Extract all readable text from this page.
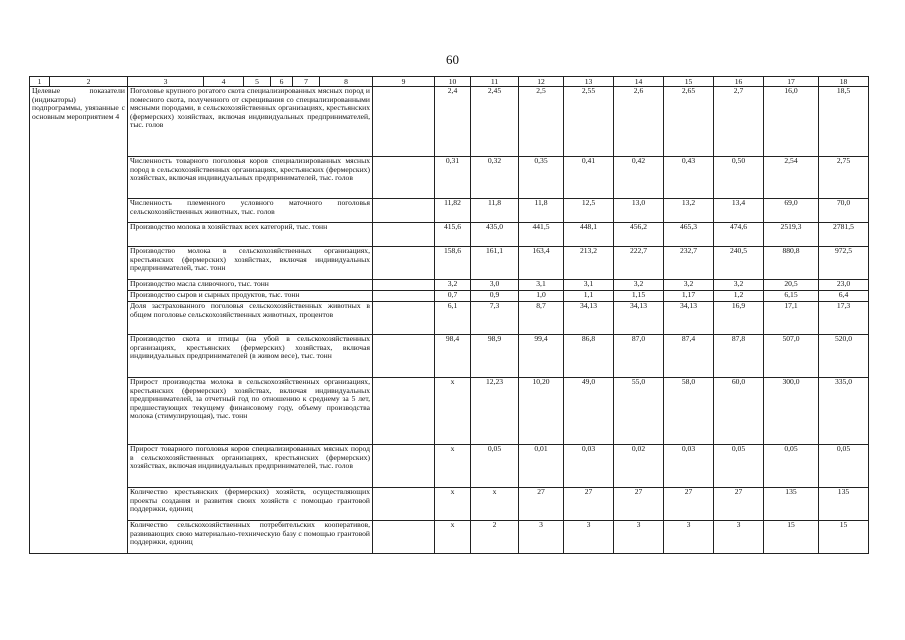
60
1	2	3	4	5	6	7	8	9	10	11	12	13	14	15	16	17	18
Целевые показатели (индикаторы) подпрограммы, увязанные с основным мероприятием 4		Поголовье крупного рогатого скота специализированных мясных пород и помесного скота, полученного от скрещивания со специализированными мясными породами, в сельскохозяйственных организациях, крестьянских (фермерских) хозяйствах, включая индивидуальных предпринимателей, тыс. голов							2,4	2,45	2,5	2,55	2,6	2,65	2,7	16,0	18,5
		Численность товарного поголовья коров специализированных мясных пород в сельскохозяйственных организациях, крестьянских (фермерских) хозяйствах, включая индивидуальных предпринимателей, тыс. голов							0,31	0,32	0,35	0,41	0,42	0,43	0,50	2,54	2,75
		Численность племенного условного маточного поголовья сельскохозяйственных животных, тыс. голов							11,82	11,8	11,8	12,5	13,0	13,2	13,4	69,0	70,0
		Производство молока в хозяйствах всех категорий, тыс. тонн							415,6	435,0	441,5	448,1	456,2	465,3	474,6	2519,3	2781,5
		Производство молока в сельскохозяйственных организациях, крестьянских (фермерских) хозяйствах, включая индивидуальных предпринимателей, тыс. тонн							158,6	161,1	163,4	213,2	222,7	232,7	240,5	880,8	972,5
		Производство масла сливочного, тыс. тонн							3,2	3,0	3,1	3,1	3,2	3,2	3,2	20,5	23,0
		Производство сыров и сырных продуктов, тыс. тонн							0,7	0,9	1,0	1,1	1,15	1,17	1,2	6,15	6,4
		Доля застрахованного поголовья сельскохозяйственных животных в общем поголовье сельскохозяйственных животных, процентов							6,1	7,3	8,7	34,13	34,13	34,13	16,9	17,1	17,3
		Производство скота и птицы (на убой в сельскохозяйственных организациях, крестьянских (фермерских) хозяйствах, включая индивидуальных предпринимателей (в живом весе), тыс. тонн							98,4	98,9	99,4	86,8	87,0	87,4	87,8	507,0	520,0
		Прирост производства молока в сельскохозяйственных организациях, крестьянских (фермерских) хозяйствах, включая индивидуальных предпринимателей, за отчетный год по отношению к среднему за 5 лет, предшествующих текущему финансовому году, объему производства молока (стимулирующая), тыс. тонн							х	12,23	10,20	49,0	55,0	58,0	60,0	300,0	335,0
		Прирост товарного поголовья коров специализированных мясных пород в сельскохозяйственных организациях, крестьянских (фермерских) хозяйствах, включая индивидуальных предпринимателей, тыс. голов							х	0,05	0,01	0,03	0,02	0,03	0,05	0,05	0,05
		Количество крестьянских (фермерских) хозяйств, осуществляющих проекты создания и развития своих хозяйств с помощью грантовой поддержки, единиц							х	х	27	27	27	27	27	135	135
		Количество сельскохозяйственных потребительских кооперативов, развивающих свою материально-техническую базу с помощью грантовой поддержки, единиц							х	2	3	3	3	3	3	15	15
